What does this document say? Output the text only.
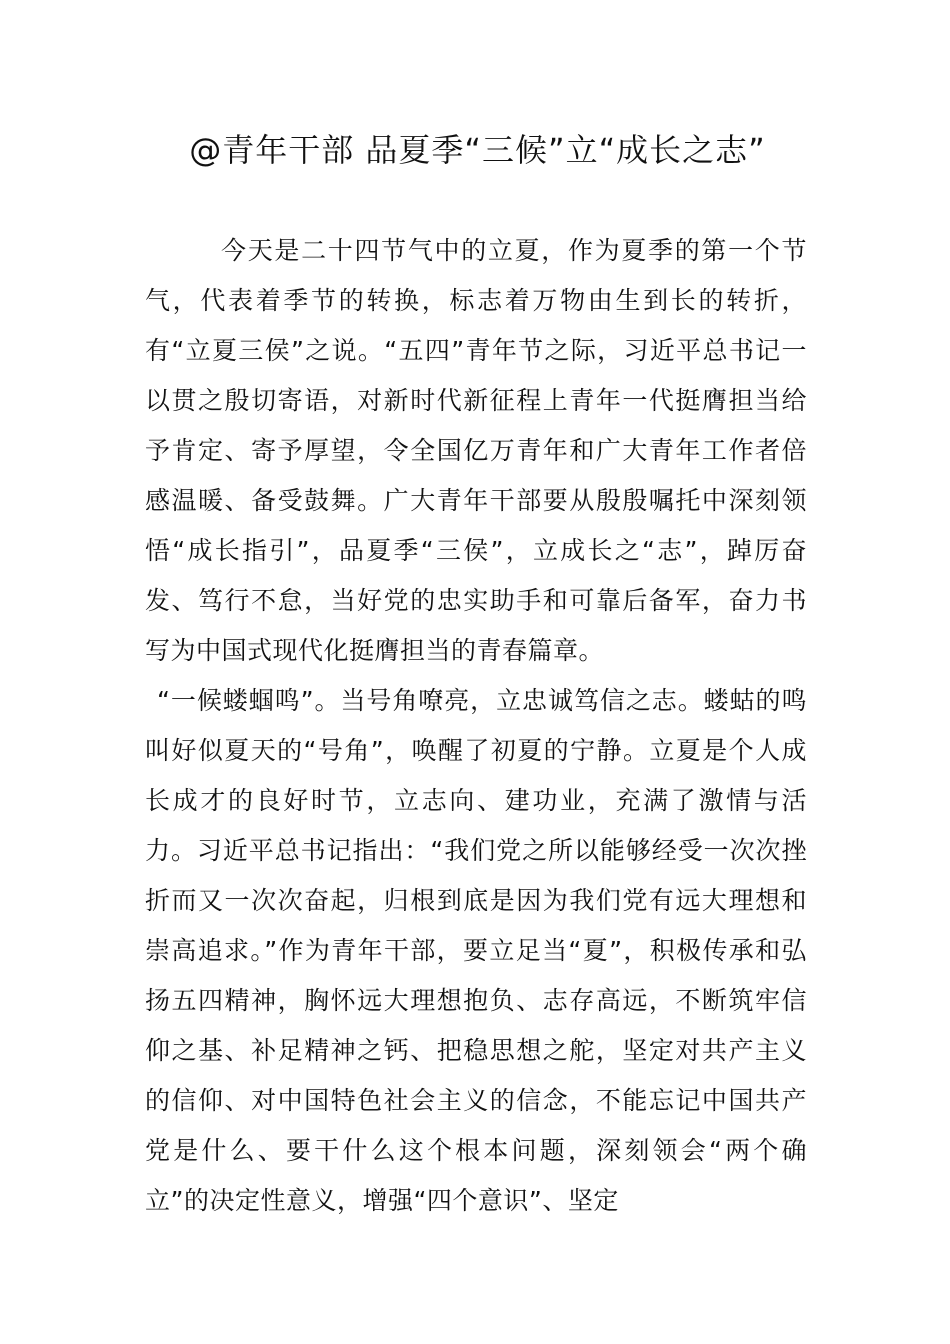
@青年干部 品夏季“三候”立“成长之志”

今天是二十四节气中的立夏，作为夏季的第一个节气，代表着季节的转换，标志着万物由生到长的转折，有“立夏三侯”之说。“五四”青年节之际，习近平总书记一以贯之殷切寄语，对新时代新征程上青年一代挺膺担当给予肯定、寄予厚望，令全国亿万青年和广大青年工作者倍感温暖、备受鼓舞。广大青年干部要从殷殷嘱托中深刻领悟“成长指引”，品夏季“三侯”，立成长之“志”，踔厉奋发、笃行不怠，当好党的忠实助手和可靠后备军，奋力书写为中国式现代化挺膺担当的青春篇章。

“一候蝼蝈鸣”。当号角嘹亮，立忠诚笃信之志。蝼蛄的鸣叫好似夏天的“号角”，唤醒了初夏的宁静。立夏是个人成长成才的良好时节，立志向、建功业，充满了激情与活力。习近平总书记指出：“我们党之所以能够经受一次次挫折而又一次次奋起，归根到底是因为我们党有远大理想和崇高追求。”作为青年干部，要立足当“夏”，积极传承和弘扬五四精神，胸怀远大理想抱负、志存高远，不断筑牢信仰之基、补足精神之钙、把稳思想之舵，坚定对共产主义的信仰、对中国特色社会主义的信念，不能忘记中国共产党是什么、要干什么这个根本问题，深刻领会“两个确立”的决定性意义，增强“四个意识”、坚定
